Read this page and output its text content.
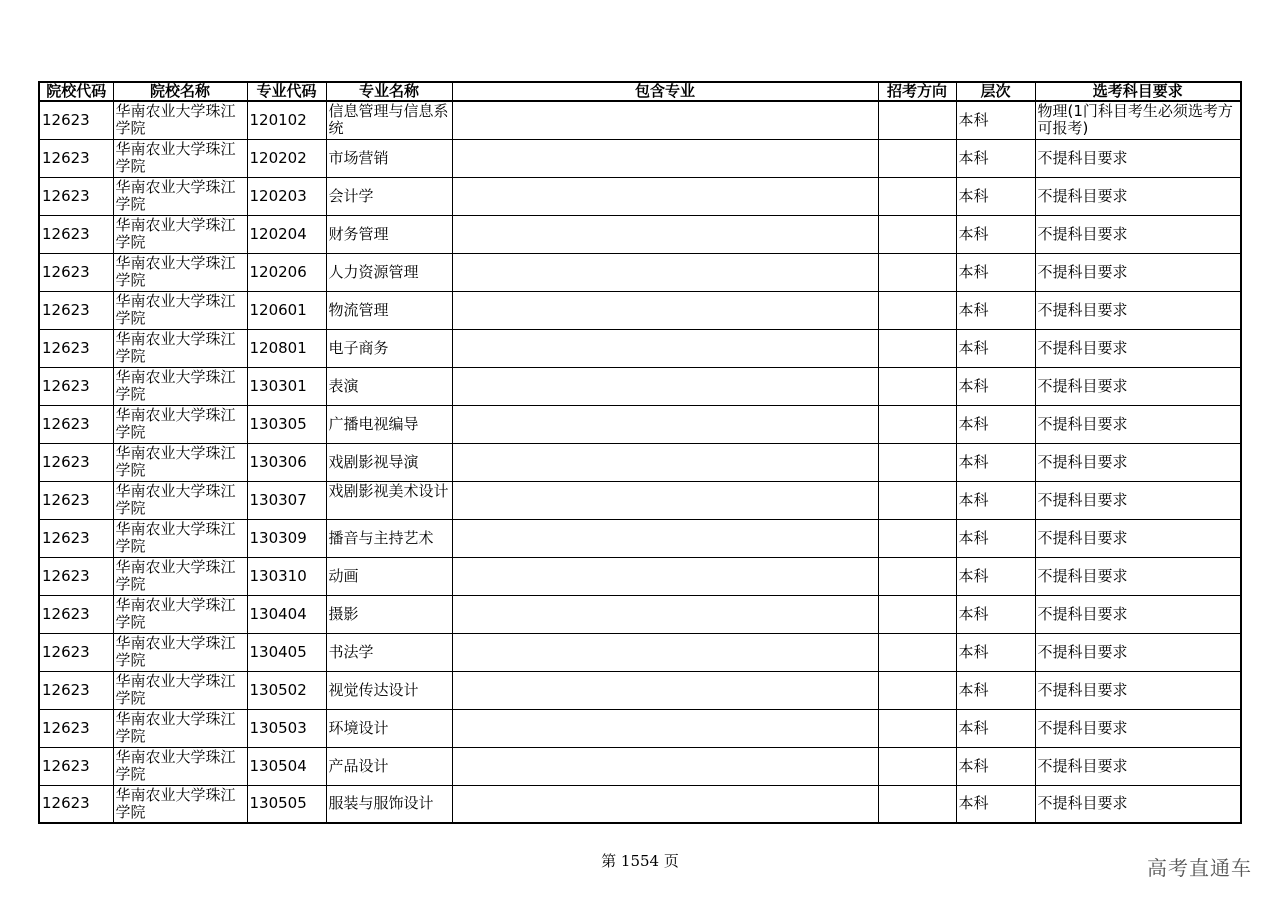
院校代码	院校名称	专业代码	专业名称	包含专业	招考方向	层次	选考科目要求
12623	华南农业大学珠江学院	120102	信息管理与信息系统			本科	物理(1门科目考生必须选考方可报考)
12623	华南农业大学珠江学院	120202	市场营销			本科	不提科目要求
12623	华南农业大学珠江学院	120203	会计学			本科	不提科目要求
12623	华南农业大学珠江学院	120204	财务管理			本科	不提科目要求
12623	华南农业大学珠江学院	120206	人力资源管理			本科	不提科目要求
12623	华南农业大学珠江学院	120601	物流管理			本科	不提科目要求
12623	华南农业大学珠江学院	120801	电子商务			本科	不提科目要求
12623	华南农业大学珠江学院	130301	表演			本科	不提科目要求
12623	华南农业大学珠江学院	130305	广播电视编导			本科	不提科目要求
12623	华南农业大学珠江学院	130306	戏剧影视导演			本科	不提科目要求
12623	华南农业大学珠江学院	130307	戏剧影视美术设计			本科	不提科目要求
12623	华南农业大学珠江学院	130309	播音与主持艺术			本科	不提科目要求
12623	华南农业大学珠江学院	130310	动画			本科	不提科目要求
12623	华南农业大学珠江学院	130404	摄影			本科	不提科目要求
12623	华南农业大学珠江学院	130405	书法学			本科	不提科目要求
12623	华南农业大学珠江学院	130502	视觉传达设计			本科	不提科目要求
12623	华南农业大学珠江学院	130503	环境设计			本科	不提科目要求
12623	华南农业大学珠江学院	130504	产品设计			本科	不提科目要求
12623	华南农业大学珠江学院	130505	服装与服饰设计			本科	不提科目要求
第 1554 页	高考直通车
